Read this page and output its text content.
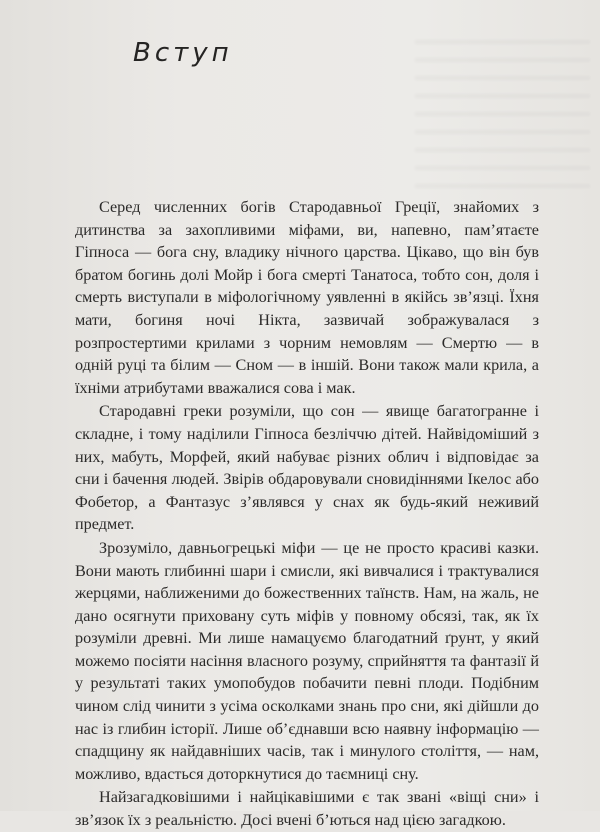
Вступ

Серед численних богів Стародавньої Греції, знайомих з дитинства за захопливими міфами, ви, напевно, пам’ятаєте Гіпноса — бога сну, владику нічного царства. Цікаво, що він був братом богинь долі Мойр і бога смерті Танатоса, тобто сон, доля і смерть виступали в міфологічному уявленні в якійсь зв’язці. Їхня мати, богиня ночі Нікта, зазвичай зображувалася з розпростертими крилами з чорним немовлям — Смертю — в одній руці та білим — Сном — в іншій. Вони також мали крила, а їхніми атрибутами вважалися сова і мак.

Стародавні греки розуміли, що сон — явище багатогранне і складне, і тому наділили Гіпноса безліччю дітей. Найвідоміший з них, мабуть, Морфей, який набуває різних облич і відповідає за сни і бачення людей. Звірів обдаровували сновидіннями Ікелос або Фобетор, а Фантазус з’являвся у снах як будь-який неживий предмет.

Зрозуміло, давньогрецькі міфи — це не просто красиві казки. Вони мають глибинні шари і смисли, які вивчалися і трактувалися жерцями, наближеними до божественних таїнств. Нам, на жаль, не дано осягнути приховану суть міфів у повному обсязі, так, як їх розуміли древні. Ми лише намацуємо благодатний ґрунт, у який можемо посіяти насіння власного розуму, сприйняття та фантазії й у результаті таких умопобудов побачити певні плоди. Подібним чином слід чинити з усіма осколками знань про сни, які дійшли до нас із глибин історії. Лише об’єднавши всю наявну інформацію — спадщину як найдавніших часів, так і минулого століття, — нам, можливо, вдасться доторкнутися до таємниці сну.

Найзагадковішими і найцікавішими є так звані «віщі сни» і зв’язок їх з реальністю. Досі вчені б’ються над цією загадкою.
